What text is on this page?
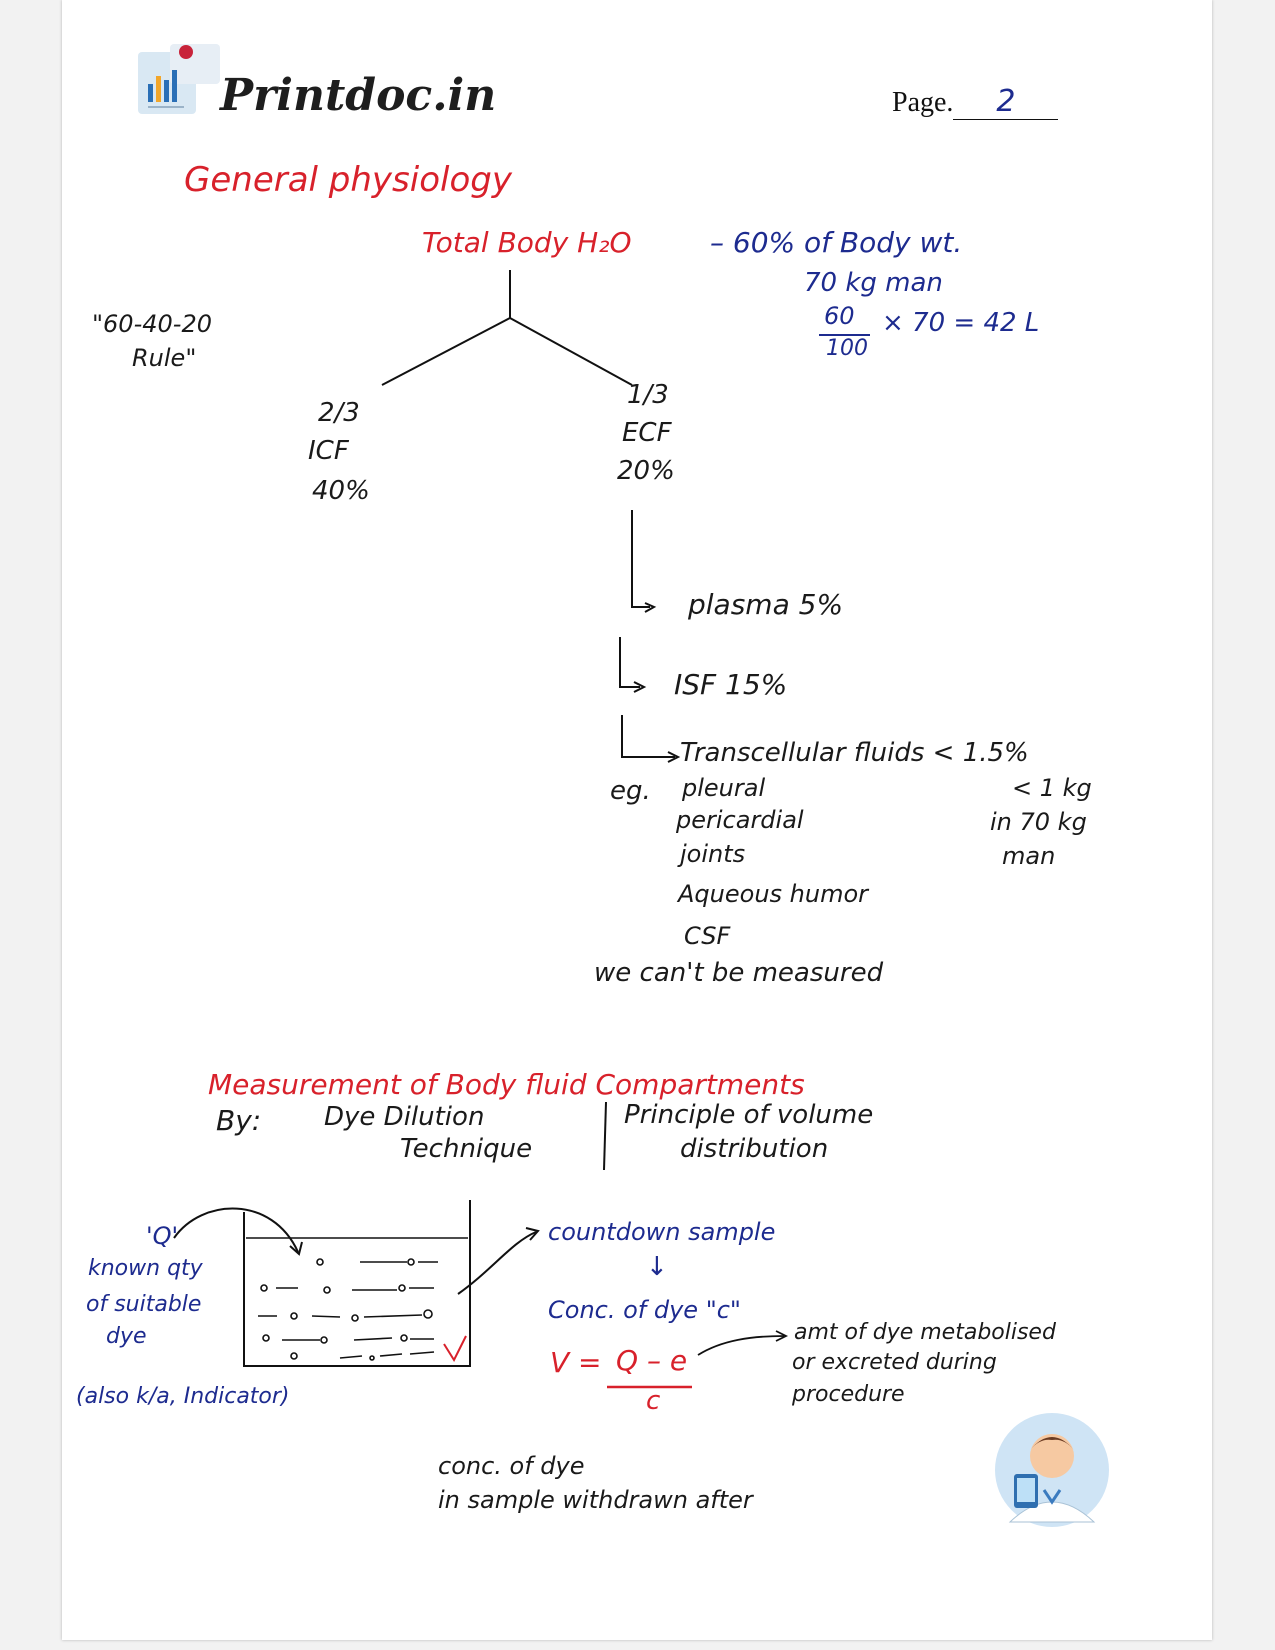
Printdoc.in	Page. 2
General physiology
Total Body H₂O	– 60% of Body wt.
70 kg man
60
100
× 70 = 42 L
"60-40-20
Rule"
2/3
ICF
40%
1/3
ECF
20%
plasma 5%
ISF 15%
Transcellular fluids < 1.5%
eg. pleural
pericardial
joints
Aqueous humor
CSF
< 1 kg
in 70 kg
man
we can't be measured
Measurement of Body fluid Compartments
By: Dye Dilution
Technique
Principle of volume
distribution
'Q'
known qty
of suitable
dye
(also k/a, Indicator)
countdown sample
↓
Conc. of dye "c"
V = Q – e
c
amt of dye metabolised
or excreted during
procedure
conc. of dye
in sample withdrawn after
